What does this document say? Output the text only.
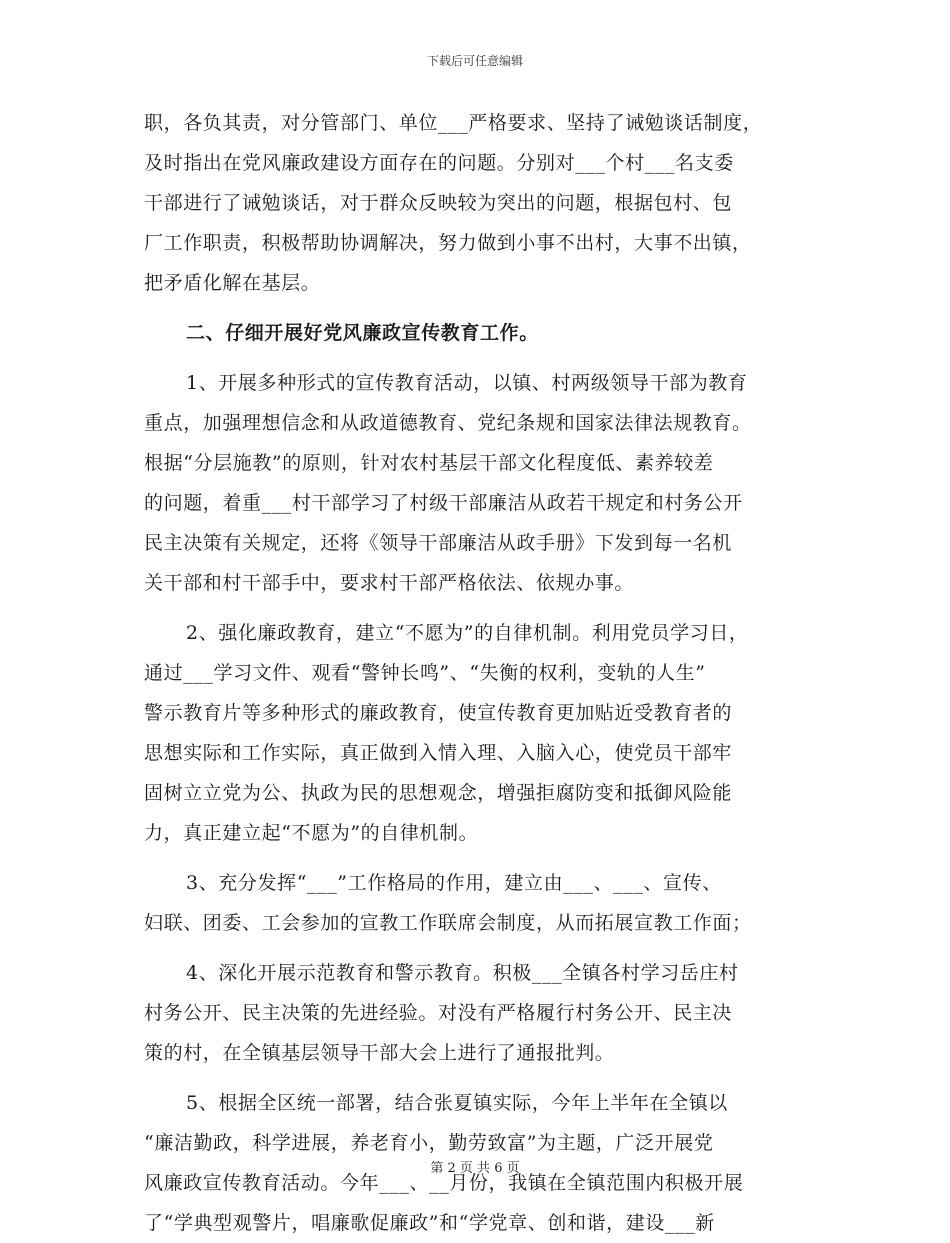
下载后可任意编辑
职，各负其责，对分管部门、单位___严格要求、坚持了诫勉谈话制度，
及时指出在党风廉政建设方面存在的问题。分别对___个村___名支委
干部进行了诫勉谈话，对于群众反映较为突出的问题，根据包村、包
厂工作职责，积极帮助协调解决，努力做到小事不出村，大事不出镇，
把矛盾化解在基层。
二、仔细开展好党风廉政宣传教育工作。
1、开展多种形式的宣传教育活动，以镇、村两级领导干部为教育
重点，加强理想信念和从政道德教育、党纪条规和国家法律法规教育。
根据“分层施教”的原则，针对农村基层干部文化程度低、素养较差
的问题，着重___村干部学习了村级干部廉洁从政若干规定和村务公开
民主决策有关规定，还将《领导干部廉洁从政手册》下发到每一名机
关干部和村干部手中，要求村干部严格依法、依规办事。
2、强化廉政教育，建立“不愿为”的自律机制。利用党员学习日，
通过___学习文件、观看“警钟长鸣”、“失衡的权利，变轨的人生”
警示教育片等多种形式的廉政教育，使宣传教育更加贴近受教育者的
思想实际和工作实际，真正做到入情入理、入脑入心，使党员干部牢
固树立立党为公、执政为民的思想观念，增强拒腐防变和抵御风险能
力，真正建立起“不愿为”的自律机制。
3、充分发挥“___”工作格局的作用，建立由___、___、宣传、
妇联、团委、工会参加的宣教工作联席会制度，从而拓展宣教工作面；
4、深化开展示范教育和警示教育。积极___全镇各村学习岳庄村
村务公开、民主决策的先进经验。对没有严格履行村务公开、民主决
策的村，在全镇基层领导干部大会上进行了通报批判。
5、根据全区统一部署，结合张夏镇实际，今年上半年在全镇以
“廉洁勤政，科学进展，养老育小，勤劳致富”为主题，广泛开展党
风廉政宣传教育活动。今年___、__月份，我镇在全镇范围内积极开展
了“学典型观警片，唱廉歌促廉政”和“学党章、创和谐，建设___新
第 2 页 共 6 页
